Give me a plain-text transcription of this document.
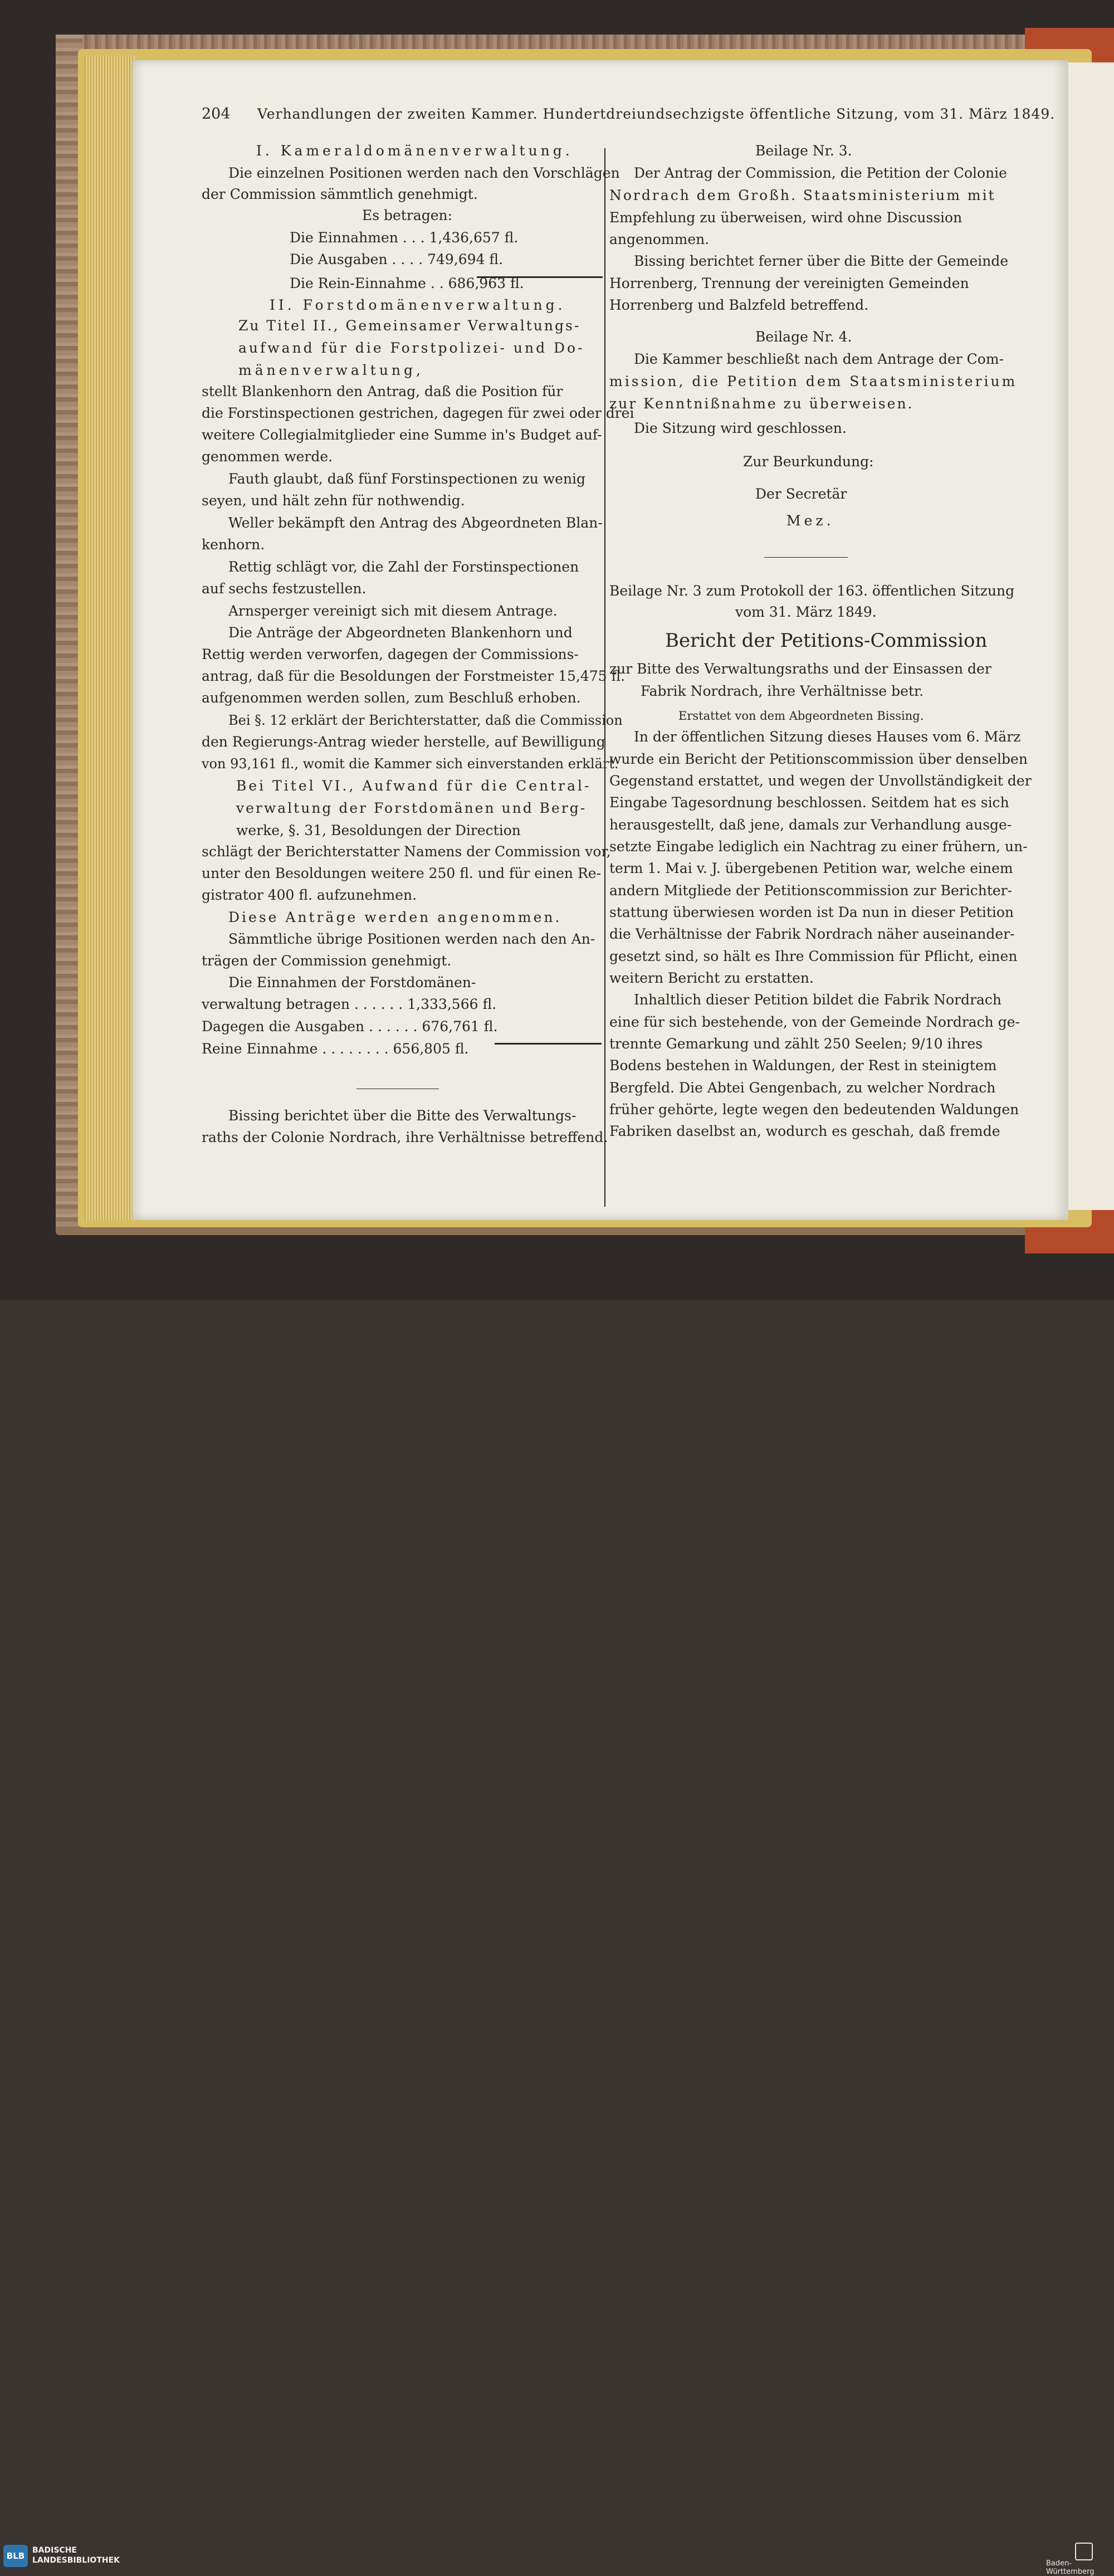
204 Verhandlungen der zweiten Kammer. Hundertdreiundsechzigste öffentliche Sitzung, vom 31. März 1849.
I. Kameraldomänenverwaltung.
Die einzelnen Positionen werden nach den Vorschlägen
der Commission sämmtlich genehmigt.
Es betragen:
Die Einnahmen . . . 1,436,657 fl.
Die Ausgaben . . . . 749,694 fl.
Die Rein-Einnahme . . 686,963 fl.
II. Forstdomänenverwaltung.
Zu Titel II., Gemeinsamer Verwaltungs-
aufwand für die Forstpolizei- und Do-
mänenverwaltung,
stellt Blankenhorn den Antrag, daß die Position für
die Forstinspectionen gestrichen, dagegen für zwei oder drei
weitere Collegialmitglieder eine Summe in's Budget auf-
genommen werde.
Fauth glaubt, daß fünf Forstinspectionen zu wenig
seyen, und hält zehn für nothwendig.
Weller bekämpft den Antrag des Abgeordneten Blan-
kenhorn.
Rettig schlägt vor, die Zahl der Forstinspectionen
auf sechs festzustellen.
Arnsperger vereinigt sich mit diesem Antrage.
Die Anträge der Abgeordneten Blankenhorn und
Rettig werden verworfen, dagegen der Commissions-
antrag, daß für die Besoldungen der Forstmeister 15,475 fl.
aufgenommen werden sollen, zum Beschluß erhoben.
Bei §. 12 erklärt der Berichterstatter, daß die Commission
den Regierungs-Antrag wieder herstelle, auf Bewilligung
von 93,161 fl., womit die Kammer sich einverstanden erklärt.
Bei Titel VI., Aufwand für die Central-
verwaltung der Forstdomänen und Berg-
werke, §. 31, Besoldungen der Direction
schlägt der Berichterstatter Namens der Commission vor,
unter den Besoldungen weitere 250 fl. und für einen Re-
gistrator 400 fl. aufzunehmen.
Diese Anträge werden angenommen.
Sämmtliche übrige Positionen werden nach den An-
trägen der Commission genehmigt.
Die Einnahmen der Forstdomänen-
verwaltung betragen . . . . . . 1,333,566 fl.
Dagegen die Ausgaben . . . . . . 676,761 fl.
Reine Einnahme . . . . . . . . 656,805 fl.
Bissing berichtet über die Bitte des Verwaltungs-
raths der Colonie Nordrach, ihre Verhältnisse betreffend.
Beilage Nr. 3.
Der Antrag der Commission, die Petition der Colonie
Nordrach dem Großh. Staatsministerium mit
Empfehlung zu überweisen, wird ohne Discussion
angenommen.
Bissing berichtet ferner über die Bitte der Gemeinde
Horrenberg, Trennung der vereinigten Gemeinden
Horrenberg und Balzfeld betreffend.
Beilage Nr. 4.
Die Kammer beschließt nach dem Antrage der Com-
mission, die Petition dem Staatsministerium
zur Kenntnißnahme zu überweisen.
Die Sitzung wird geschlossen.
Zur Beurkundung:
Der Secretär
Mez.
Beilage Nr. 3 zum Protokoll der 163. öffentlichen Sitzung
vom 31. März 1849.
Bericht der Petitions-Commission
zur Bitte des Verwaltungsraths und der Einsassen der
Fabrik Nordrach, ihre Verhältnisse betr.
Erstattet von dem Abgeordneten Bissing.
In der öffentlichen Sitzung dieses Hauses vom 6. März
wurde ein Bericht der Petitionscommission über denselben
Gegenstand erstattet, und wegen der Unvollständigkeit der
Eingabe Tagesordnung beschlossen. Seitdem hat es sich
herausgestellt, daß jene, damals zur Verhandlung ausge-
setzte Eingabe lediglich ein Nachtrag zu einer frühern, un-
term 1. Mai v. J. übergebenen Petition war, welche einem
andern Mitgliede der Petitionscommission zur Berichter-
stattung überwiesen worden ist Da nun in dieser Petition
die Verhältnisse der Fabrik Nordrach näher auseinander-
gesetzt sind, so hält es Ihre Commission für Pflicht, einen
weitern Bericht zu erstatten.
Inhaltlich dieser Petition bildet die Fabrik Nordrach
eine für sich bestehende, von der Gemeinde Nordrach ge-
trennte Gemarkung und zählt 250 Seelen; 9/10 ihres
Bodens bestehen in Waldungen, der Rest in steinigtem
Bergfeld. Die Abtei Gengenbach, zu welcher Nordrach
früher gehörte, legte wegen den bedeutenden Waldungen
Fabriken daselbst an, wodurch es geschah, daß fremde
BLB
BADISCHE
LANDESBIBLIOTHEK	Baden-Württemberg
